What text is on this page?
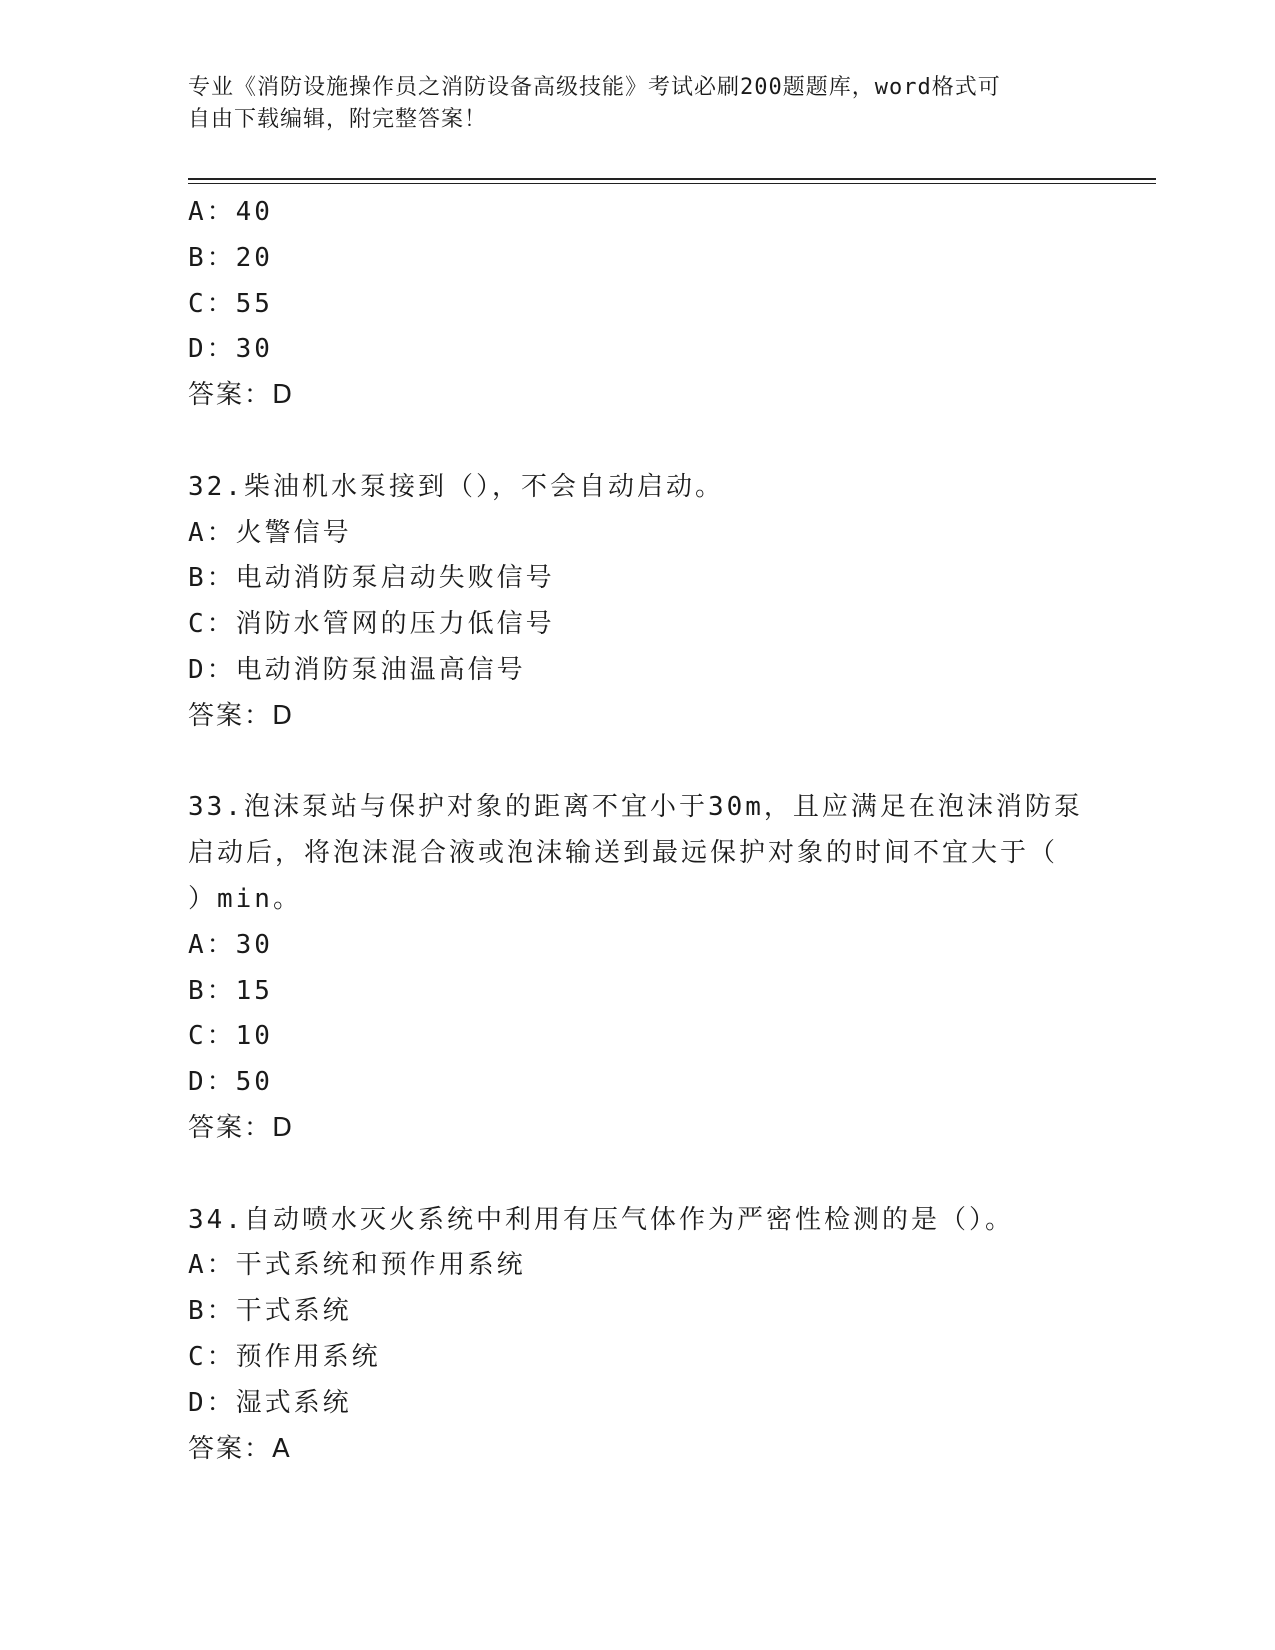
专业《消防设施操作员之消防设备高级技能》考试必刷200题题库，word格式可
自由下载编辑，附完整答案！
A：40
B：20
C：55
D：30
答案：D
32.柴油机水泵接到（），不会自动启动。
A：火警信号
B：电动消防泵启动失败信号
C：消防水管网的压力低信号
D：电动消防泵油温高信号
答案：D
33.泡沫泵站与保护对象的距离不宜小于30m，且应满足在泡沫消防泵
启动后，将泡沫混合液或泡沫输送到最远保护对象的时间不宜大于（
）min。
A：30
B：15
C：10
D：50
答案：D
34.自动喷水灭火系统中利用有压气体作为严密性检测的是（）。
A：干式系统和预作用系统
B：干式系统
C：预作用系统
D：湿式系统
答案：A
